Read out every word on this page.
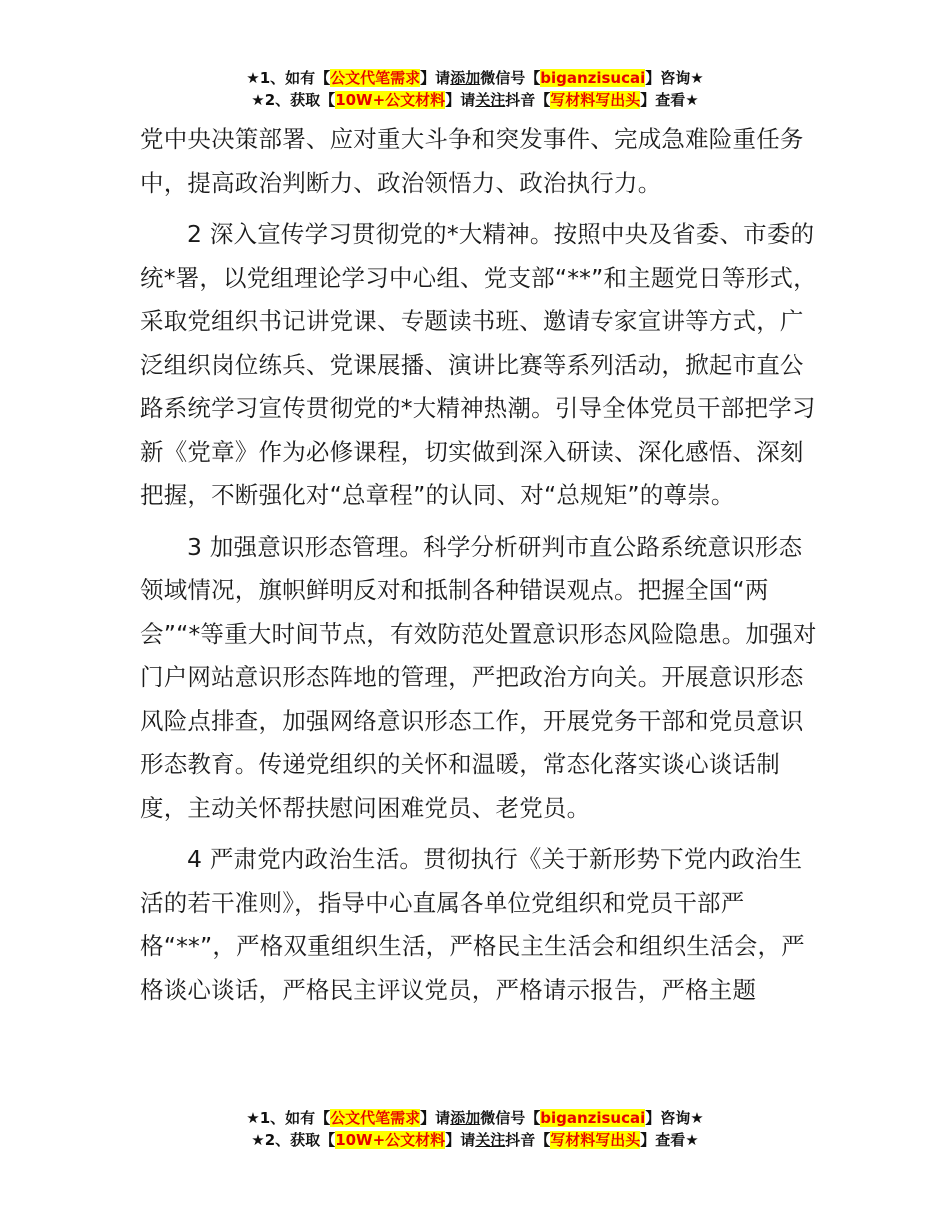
★1、如有【公文代笔需求】请添加微信号【biganzisucai】咨询★
★2、获取【10W+公文材料】请关注抖音【写材料写出头】查看★

党中央决策部署、应对重大斗争和突发事件、完成急难险重任务中，提高政治判断力、政治领悟力、政治执行力。

2 深入宣传学习贯彻党的*大精神。按照中央及省委、市委的统*署，以党组理论学习中心组、党支部“**”和主题党日等形式，采取党组织书记讲党课、专题读书班、邀请专家宣讲等方式，广泛组织岗位练兵、党课展播、演讲比赛等系列活动，掀起市直公路系统学习宣传贯彻党的*大精神热潮。引导全体党员干部把学习新《党章》作为必修课程，切实做到深入研读、深化感悟、深刻把握，不断强化对“总章程”的认同、对“总规矩”的尊崇。

3 加强意识形态管理。科学分析研判市直公路系统意识形态领域情况，旗帜鲜明反对和抵制各种错误观点。把握全国“两会”“*等重大时间节点，有效防范处置意识形态风险隐患。加强对门户网站意识形态阵地的管理，严把政治方向关。开展意识形态风险点排查，加强网络意识形态工作，开展党务干部和党员意识形态教育。传递党组织的关怀和温暖，常态化落实谈心谈话制度，主动关怀帮扶慰问困难党员、老党员。

4 严肃党内政治生活。贯彻执行《关于新形势下党内政治生活的若干准则》，指导中心直属各单位党组织和党员干部严格“**”，严格双重组织生活，严格民主生活会和组织生活会，严格谈心谈话，严格民主评议党员，严格请示报告，严格主题

★1、如有【公文代笔需求】请添加微信号【biganzisucai】咨询★
★2、获取【10W+公文材料】请关注抖音【写材料写出头】查看★
